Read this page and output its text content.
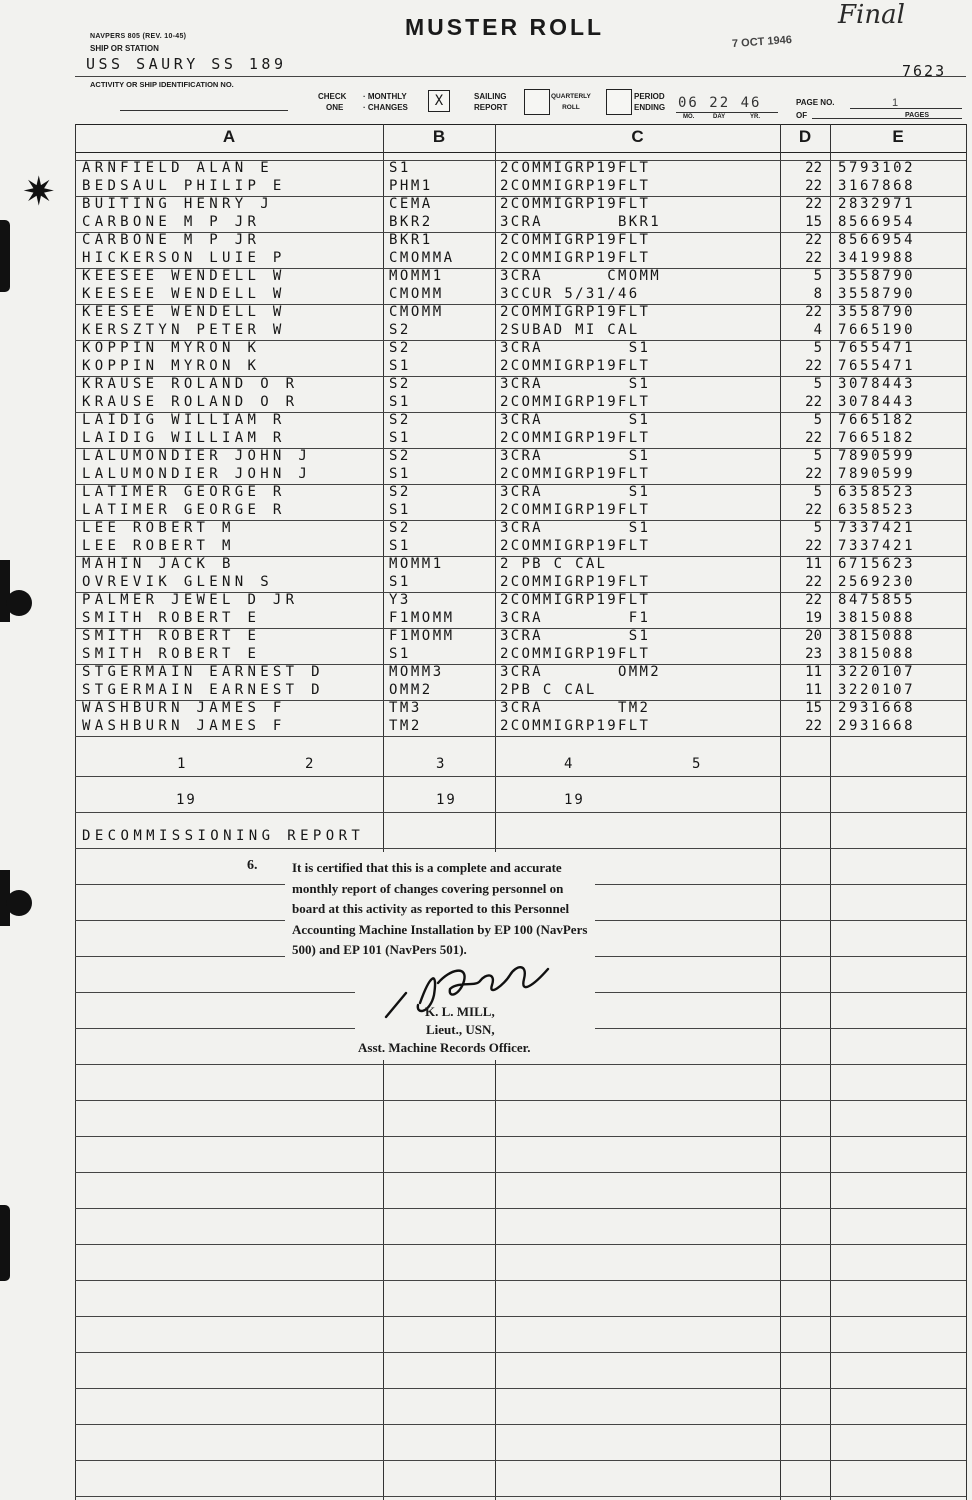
NAVPERS 805 (REV. 10-45)	MUSTER ROLL	Final
7 OCT 1946
SHIP OR STATION
USS SAURY SS 189	7623
ACTIVITY OR SHIP IDENTIFICATION NO.
CHECK
ONE
· MONTHLY
· CHANGES	X	SAILING
REPORT
QUARTERLY
ROLL
PERIOD
ENDING 06 22 46
MO.	DAY	YR.
PAGE NO.	1
OF	PAGES
A	B	C	D	E
✷
ARNFIELD ALAN E	S1	2COMMIGRP19FLT	22 5793102
BEDSAUL PHILIP E	PHM1	2COMMIGRP19FLT	22 3167868
BUITING HENRY J	CEMA	2COMMIGRP19FLT	22 2832971
CARBONE M P JR	BKR2	3CRA       BKR1	15 8566954
CARBONE M P JR	BKR1	2COMMIGRP19FLT	22 8566954
HICKERSON LUIE P	CMOMMA	2COMMIGRP19FLT	22 3419988
KEESEE WENDELL W	MOMM1	3CRA      CMOMM	5 3558790
KEESEE WENDELL W	CMOMM	3CCUR 5/31/46	8 3558790
KEESEE WENDELL W	CMOMM	2COMMIGRP19FLT	22 3558790
KERSZTYN PETER W	S2	2SUBAD MI CAL	4 7665190
KOPPIN MYRON K	S2	3CRA        S1	5 7655471
KOPPIN MYRON K	S1	2COMMIGRP19FLT	22 7655471
KRAUSE ROLAND O R	S2	3CRA        S1	5 3078443
KRAUSE ROLAND O R	S1	2COMMIGRP19FLT	22 3078443
LAIDIG WILLIAM R	S2	3CRA        S1	5 7665182
LAIDIG WILLIAM R	S1	2COMMIGRP19FLT	22 7665182
LALUMONDIER JOHN J	S2	3CRA        S1	5 7890599
LALUMONDIER JOHN J	S1	2COMMIGRP19FLT	22 7890599
LATIMER GEORGE R	S2	3CRA        S1	5 6358523
LATIMER GEORGE R	S1	2COMMIGRP19FLT	22 6358523
LEE ROBERT M	S2	3CRA        S1	5 7337421
LEE ROBERT M	S1	2COMMIGRP19FLT	22 7337421
MAHIN JACK B	MOMM1	2 PB C CAL	11 6715623
OVREVIK GLENN S	S1	2COMMIGRP19FLT	22 2569230
PALMER JEWEL D JR	Y3	2COMMIGRP19FLT	22 8475855
SMITH ROBERT E	F1MOMM	3CRA        F1	19 3815088
SMITH ROBERT E	F1MOMM	3CRA        S1	20 3815088
SMITH ROBERT E	S1	2COMMIGRP19FLT	23 3815088
STGERMAIN EARNEST D	MOMM3	3CRA       OMM2	11 3220107
STGERMAIN EARNEST D	OMM2	2PB C CAL	11 3220107
WASHBURN JAMES F	TM3	3CRA       TM2	15 2931668
WASHBURN JAMES F	TM2	2COMMIGRP19FLT	22 2931668
1	2	3	4	5
19	19	19
DECOMMISSIONING REPORT
6.	It is certified that this is a complete and accurate monthly report of changes covering personnel on board at this activity as reported to this Personnel Accounting Machine Installation by EP 100 (NavPers 500) and EP 101 (NavPers 501).
K. L. MILL,
Lieut., USN,
Asst. Machine Records Officer.
